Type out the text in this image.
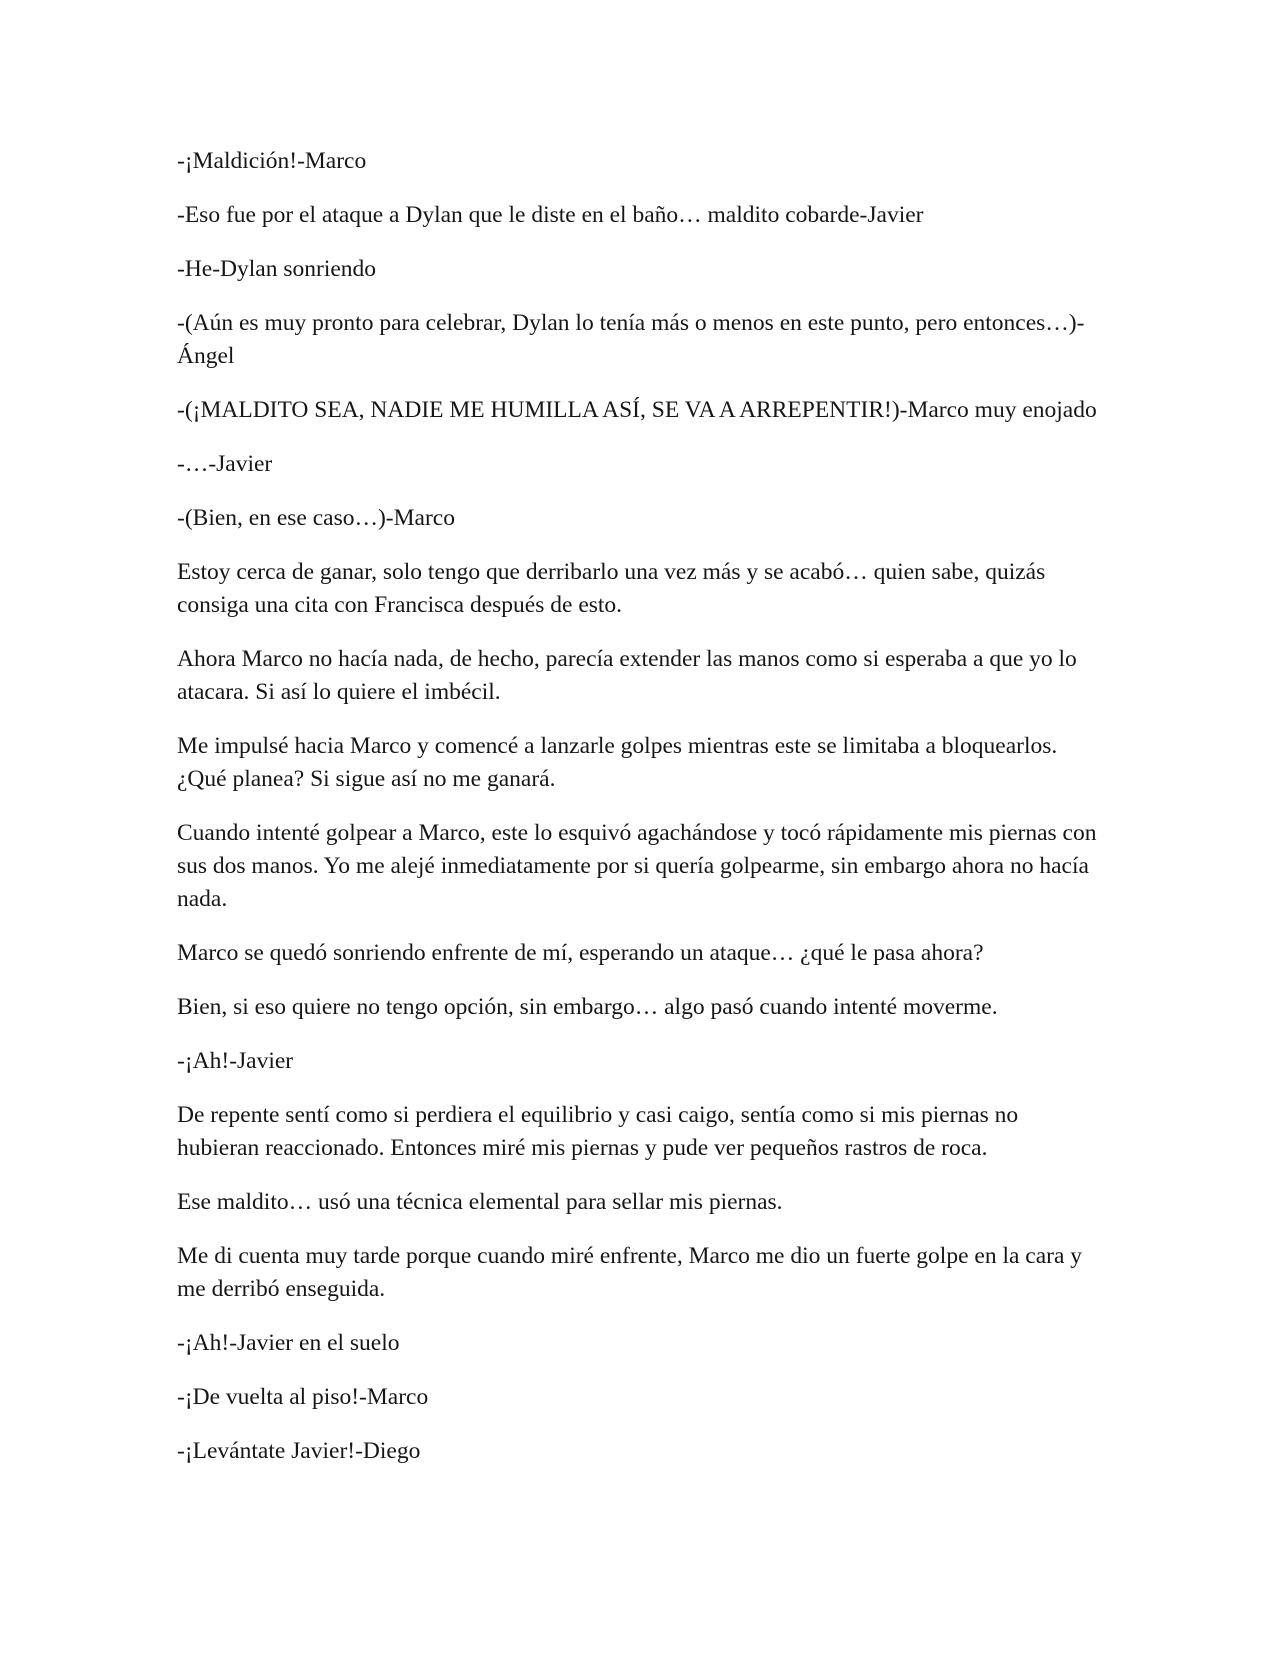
-¡Maldición!-Marco

-Eso fue por el ataque a Dylan que le diste en el baño… maldito cobarde-Javier

-He-Dylan sonriendo

-(Aún es muy pronto para celebrar, Dylan lo tenía más o menos en este punto, pero entonces…)-Ángel

-(¡MALDITO SEA, NADIE ME HUMILLA ASÍ, SE VA A ARREPENTIR!)-Marco muy enojado

-…-Javier

-(Bien, en ese caso…)-Marco

Estoy cerca de ganar, solo tengo que derribarlo una vez más y se acabó… quien sabe, quizás consiga una cita con Francisca después de esto.

Ahora Marco no hacía nada, de hecho, parecía extender las manos como si esperaba a que yo lo atacara. Si así lo quiere el imbécil.

Me impulsé hacia Marco y comencé a lanzarle golpes mientras este se limitaba a bloquearlos. ¿Qué planea? Si sigue así no me ganará.

Cuando intenté golpear a Marco, este lo esquivó agachándose y tocó rápidamente mis piernas con sus dos manos. Yo me alejé inmediatamente por si quería golpearme, sin embargo ahora no hacía nada.

Marco se quedó sonriendo enfrente de mí, esperando un ataque… ¿qué le pasa ahora?

Bien, si eso quiere no tengo opción, sin embargo… algo pasó cuando intenté moverme.

-¡Ah!-Javier

De repente sentí como si perdiera el equilibrio y casi caigo, sentía como si mis piernas no hubieran reaccionado. Entonces miré mis piernas y pude ver pequeños rastros de roca.

Ese maldito… usó una técnica elemental para sellar mis piernas.

Me di cuenta muy tarde porque cuando miré enfrente, Marco me dio un fuerte golpe en la cara y me derribó enseguida.

-¡Ah!-Javier en el suelo

-¡De vuelta al piso!-Marco

-¡Levántate Javier!-Diego
